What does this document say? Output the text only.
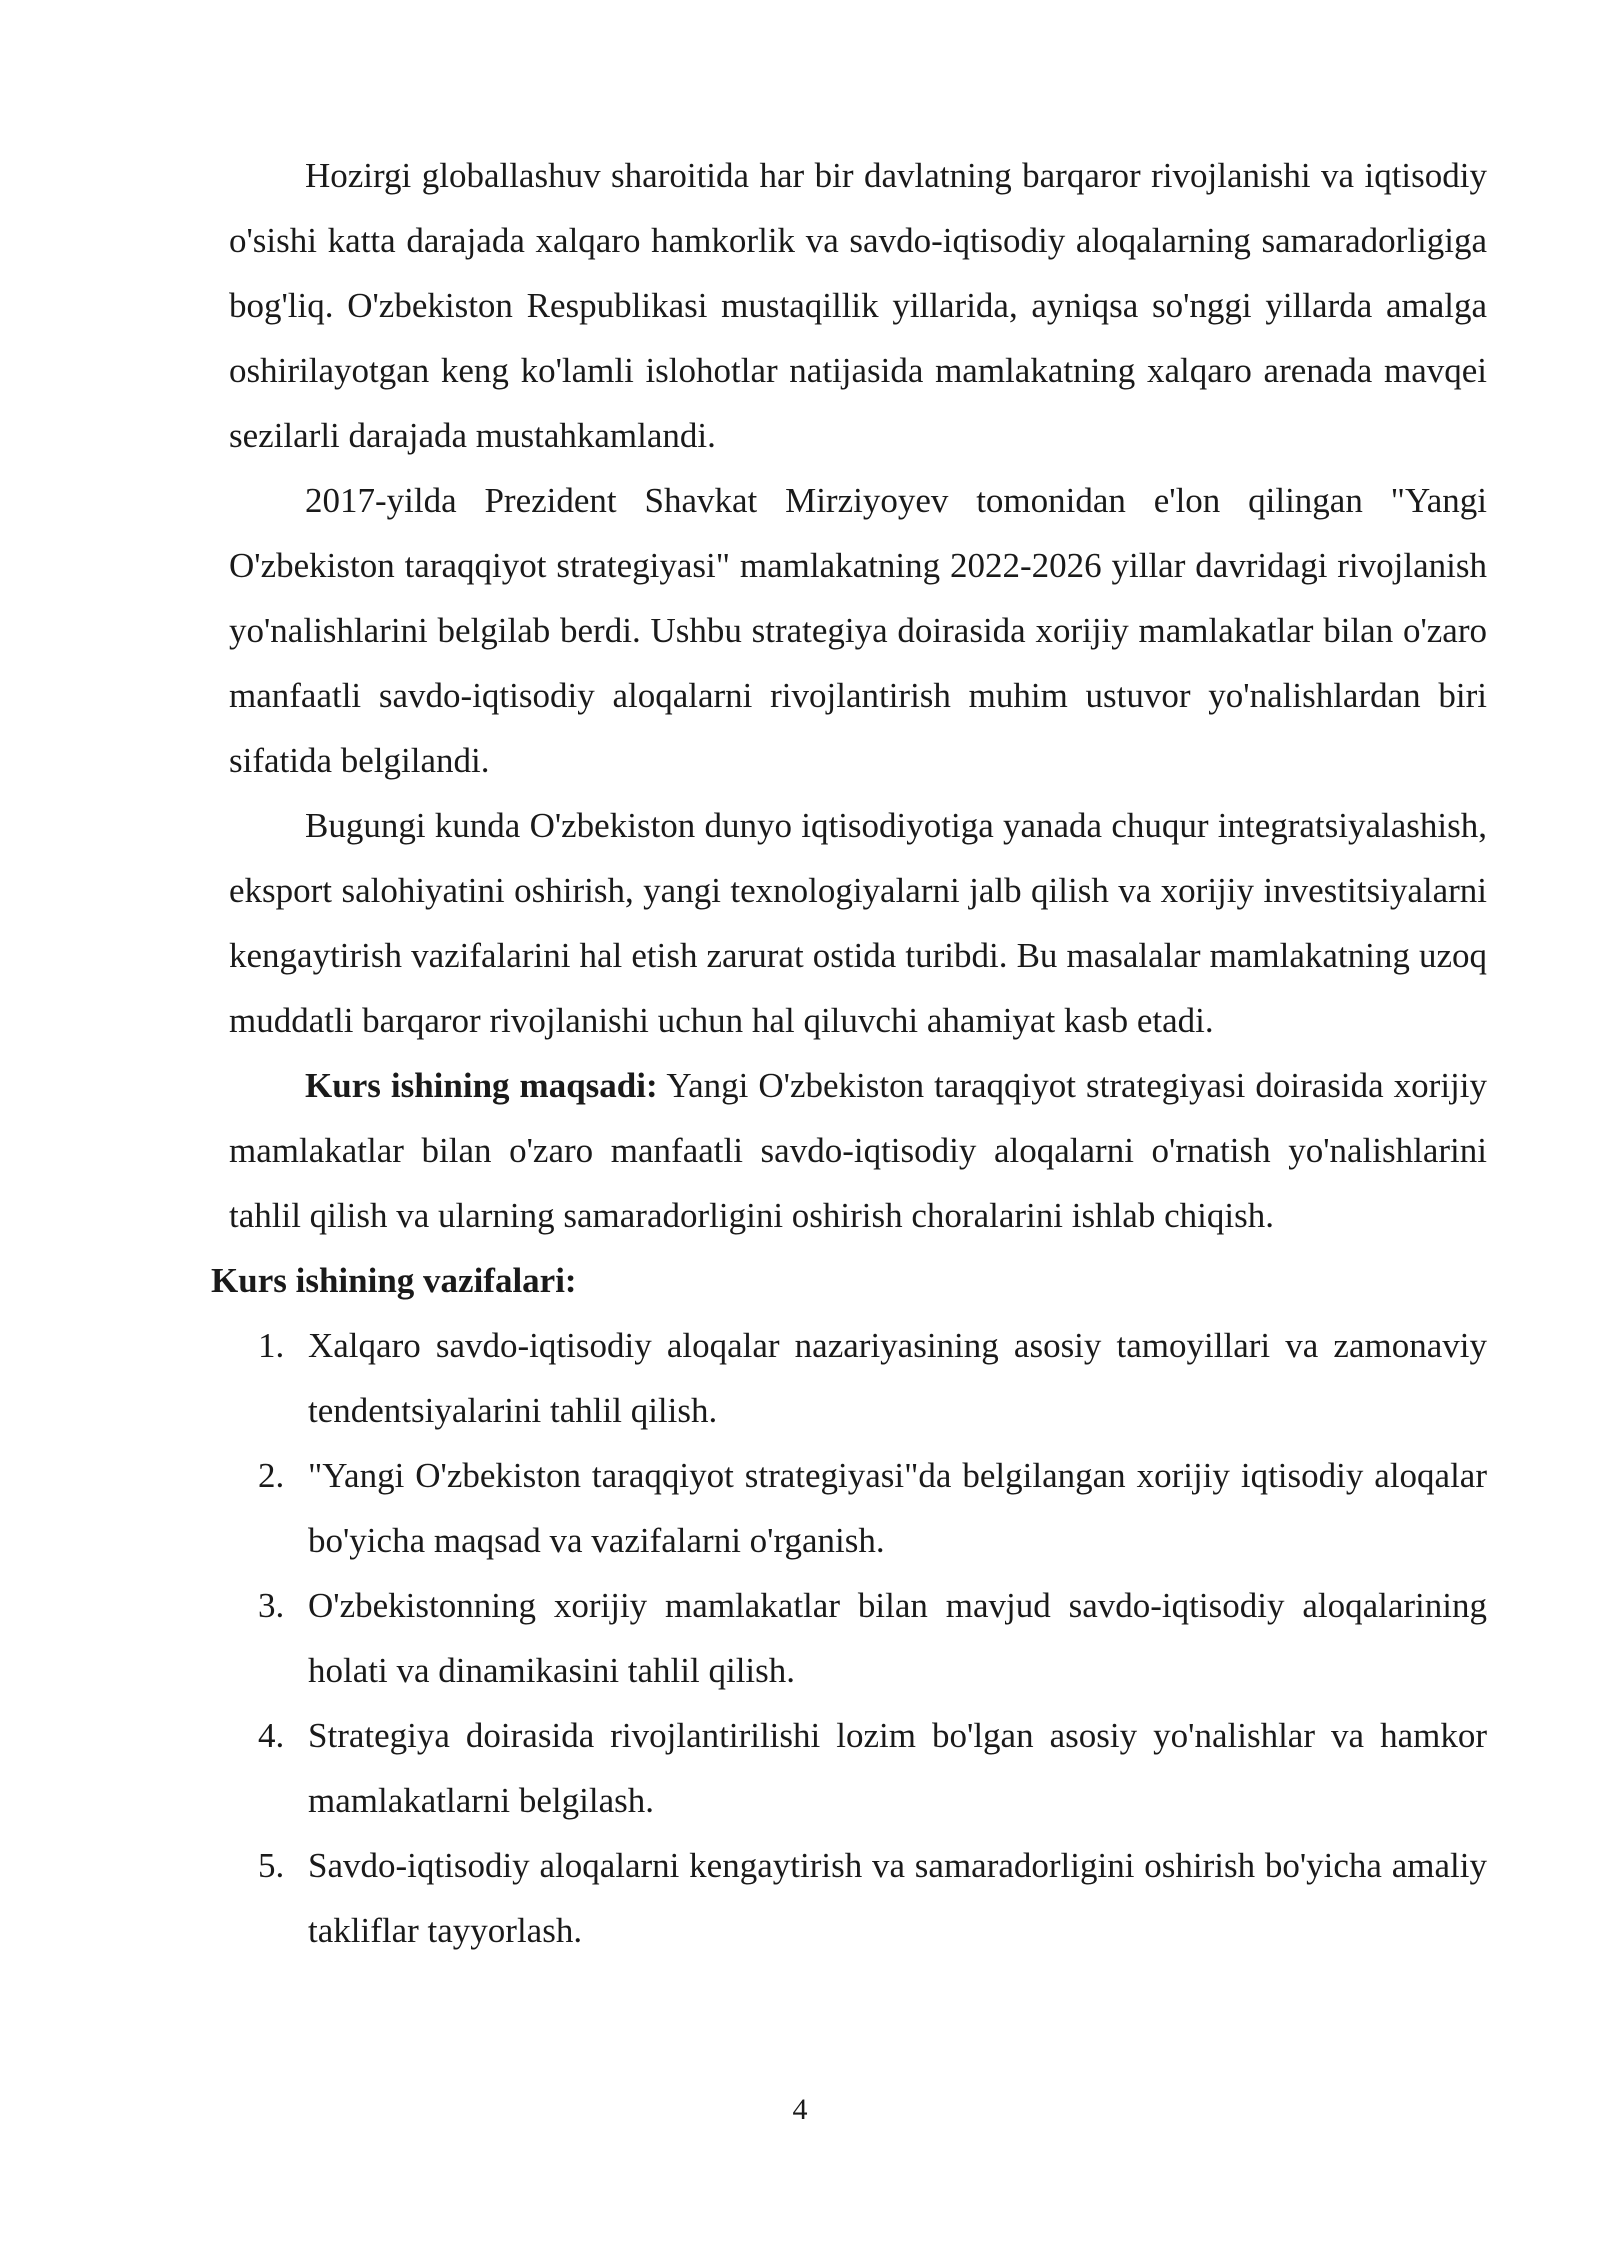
Hozirgi globallashuv sharoitida har bir davlatning barqaror rivojlanishi va iqtisodiy o'sishi katta darajada xalqaro hamkorlik va savdo-iqtisodiy aloqalarning samaradorligiga bog'liq. O'zbekiston Respublikasi mustaqillik yillarida, ayniqsa so'nggi yillarda amalga oshirilayotgan keng ko'lamli islohotlar natijasida mamlakatning xalqaro arenada mavqei sezilarli darajada mustahkamlandi.

2017-yilda Prezident Shavkat Mirziyoyev tomonidan e'lon qilingan "Yangi O'zbekiston taraqqiyot strategiyasi" mamlakatning 2022-2026 yillar davridagi rivojlanish yo'nalishlarini belgilab berdi. Ushbu strategiya doirasida xorijiy mamlakatlar bilan o'zaro manfaatli savdo-iqtisodiy aloqalarni rivojlantirish muhim ustuvor yo'nalishlardan biri sifatida belgilandi.

Bugungi kunda O'zbekiston dunyo iqtisodiyotiga yanada chuqur integratsiyalashish, eksport salohiyatini oshirish, yangi texnologiyalarni jalb qilish va xorijiy investitsiyalarni kengaytirish vazifalarini hal etish zarurat ostida turibdi. Bu masalalar mamlakatning uzoq muddatli barqaror rivojlanishi uchun hal qiluvchi ahamiyat kasb etadi.

Kurs ishining maqsadi: Yangi O'zbekiston taraqqiyot strategiyasi doirasida xorijiy mamlakatlar bilan o'zaro manfaatli savdo-iqtisodiy aloqalarni o'rnatish yo'nalishlarini tahlil qilish va ularning samaradorligini oshirish choralarini ishlab chiqish.

Kurs ishining vazifalari:
1. Xalqaro savdo-iqtisodiy aloqalar nazariyasining asosiy tamoyillari va zamonaviy tendentsiyalarini tahlil qilish.
2. "Yangi O'zbekiston taraqqiyot strategiyasi"da belgilangan xorijiy iqtisodiy aloqalar bo'yicha maqsad va vazifalarni o'rganish.
3. O'zbekistonning xorijiy mamlakatlar bilan mavjud savdo-iqtisodiy aloqalarining holati va dinamikasini tahlil qilish.
4. Strategiya doirasida rivojlantirilishi lozim bo'lgan asosiy yo'nalishlar va hamkor mamlakatlarni belgilash.
5. Savdo-iqtisodiy aloqalarni kengaytirish va samaradorligini oshirish bo'yicha amaliy takliflar tayyorlash.
4
